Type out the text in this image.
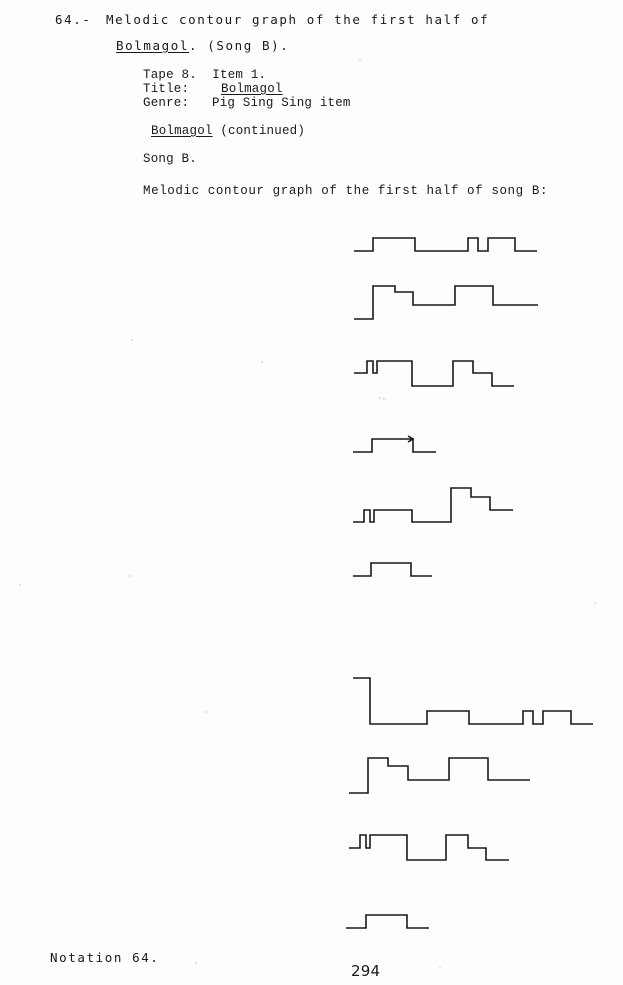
64.- Melodic contour graph of the first half of
Bolmagol. (Song B).
Tape 8.  Item 1.
Title:	Bolmagol
Genre: Pig Sing Sing item
Bolmagol (continued)
Song B.
Melodic contour graph of the first half of song B:
Notation 64.
294
